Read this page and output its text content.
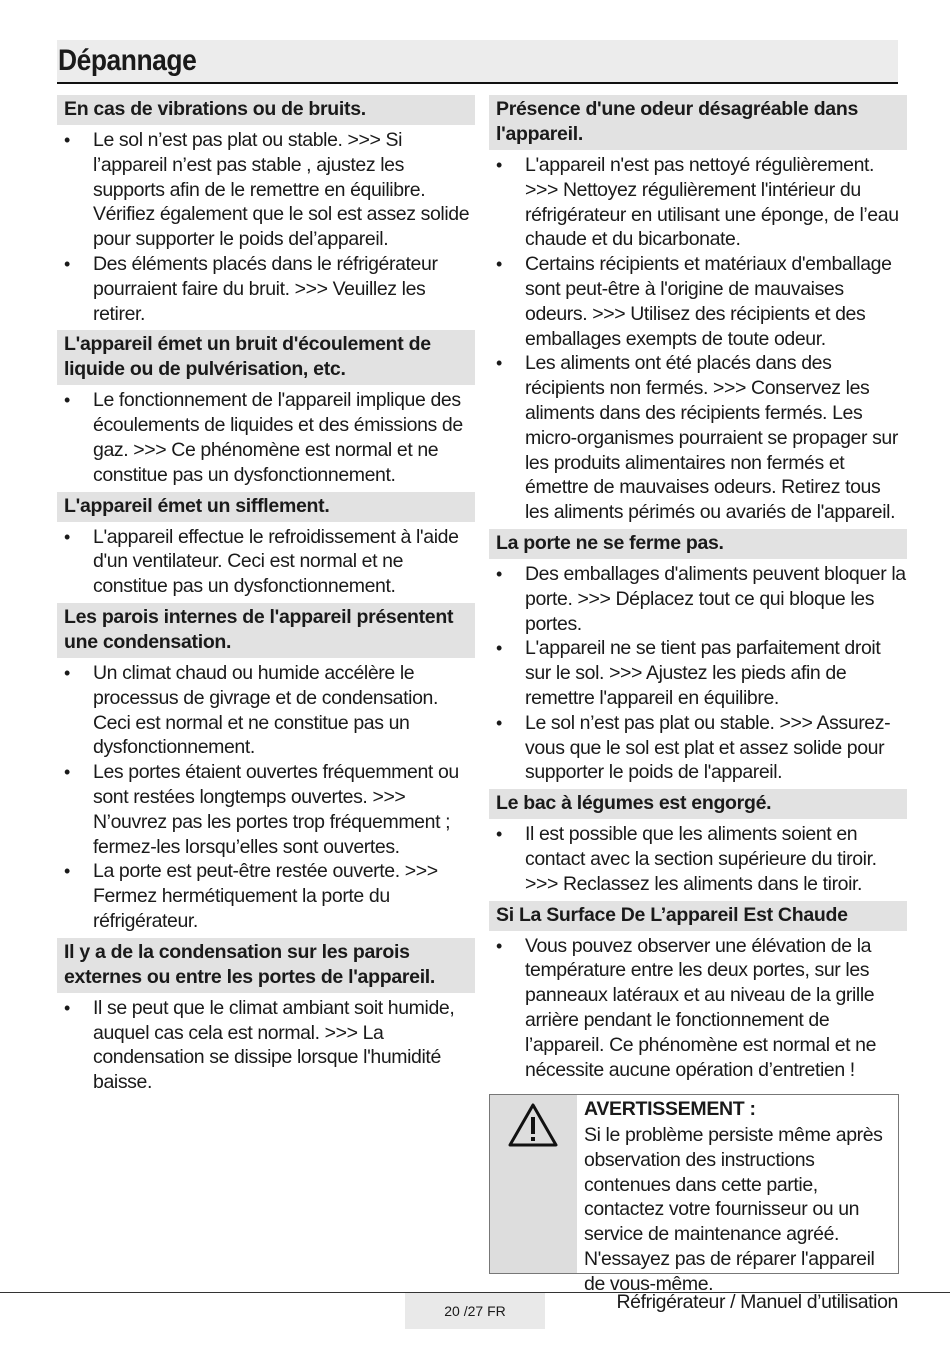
Dépannage
En cas de vibrations ou de bruits.
• Le sol n’est pas plat ou stable. >>> Si l’appareil n’est pas stable , ajustez les supports afin de le remettre en équilibre. Vérifiez également que le sol est assez solide pour supporter le poids del’appareil.
• Des éléments placés dans le réfrigérateur pourraient faire du bruit. >>> Veuillez les retirer.
L'appareil émet un bruit d'écoulement de liquide ou de pulvérisation, etc.
• Le fonctionnement de l'appareil implique des écoulements de liquides et des émissions de gaz. >>> Ce phénomène est normal et ne constitue pas un dysfonctionnement.
L'appareil émet un sifflement.
• L'appareil effectue le refroidissement à l'aide d'un ventilateur. Ceci est normal et ne constitue pas un dysfonctionnement.
Les parois internes de l'appareil présentent une condensation.
• Un climat chaud ou humide accélère le processus de givrage et de condensation. Ceci est normal et ne constitue pas un dysfonctionnement.
• Les portes étaient ouvertes fréquemment ou sont restées longtemps ouvertes. >>> N’ouvrez pas les portes trop fréquemment ; fermez-les lorsqu’elles sont ouvertes.
• La porte est peut-être restée ouverte. >>> Fermez hermétiquement la porte du réfrigérateur.
Il y a de la condensation sur les parois externes ou entre les portes de l'appareil.
• Il se peut que le climat ambiant soit humide, auquel cas cela est normal. >>> La condensation se dissipe lorsque l'humidité baisse.
Présence d'une odeur désagréable dans l'appareil.
• L'appareil n'est pas nettoyé régulièrement. >>> Nettoyez régulièrement l'intérieur du réfrigérateur en utilisant une éponge, de l’eau chaude et du bicarbonate.
• Certains récipients et matériaux d'emballage sont peut-être à l'origine de mauvaises odeurs. >>> Utilisez des récipients et des emballages exempts de toute odeur.
• Les aliments ont été placés dans des récipients non fermés. >>> Conservez les aliments dans des récipients fermés. Les micro-organismes pourraient se propager sur les produits alimentaires non fermés et émettre de mauvaises odeurs. Retirez tous les aliments périmés ou avariés de l'appareil.
La porte ne se ferme pas.
• Des emballages d'aliments peuvent bloquer la porte. >>> Déplacez tout ce qui bloque les portes.
• L'appareil ne se tient pas parfaitement droit sur le sol. >>> Ajustez les pieds afin de remettre l'appareil en équilibre.
• Le sol n’est pas plat ou stable. >>> Assurez-vous que le sol est plat et assez solide pour supporter le poids de l'appareil.
Le bac à légumes est engorgé.
• Il est possible que les aliments soient en contact avec la section supérieure du tiroir. >>> Reclassez les aliments dans le tiroir.
Si La Surface De L’appareil Est Chaude
• Vous pouvez observer une élévation de la température entre les deux portes, sur les panneaux latéraux et au niveau de la grille arrière pendant le fonctionnement de l’appareil. Ce phénomène est normal et ne nécessite aucune opération d’entretien !
AVERTISSEMENT :
Si le problème persiste même après observation des instructions contenues dans cette partie, contactez votre fournisseur ou un service de maintenance agréé. N'essayez pas de réparer l'appareil de vous-même.
20 /27 FR	Réfrigérateur / Manuel d’utilisation
